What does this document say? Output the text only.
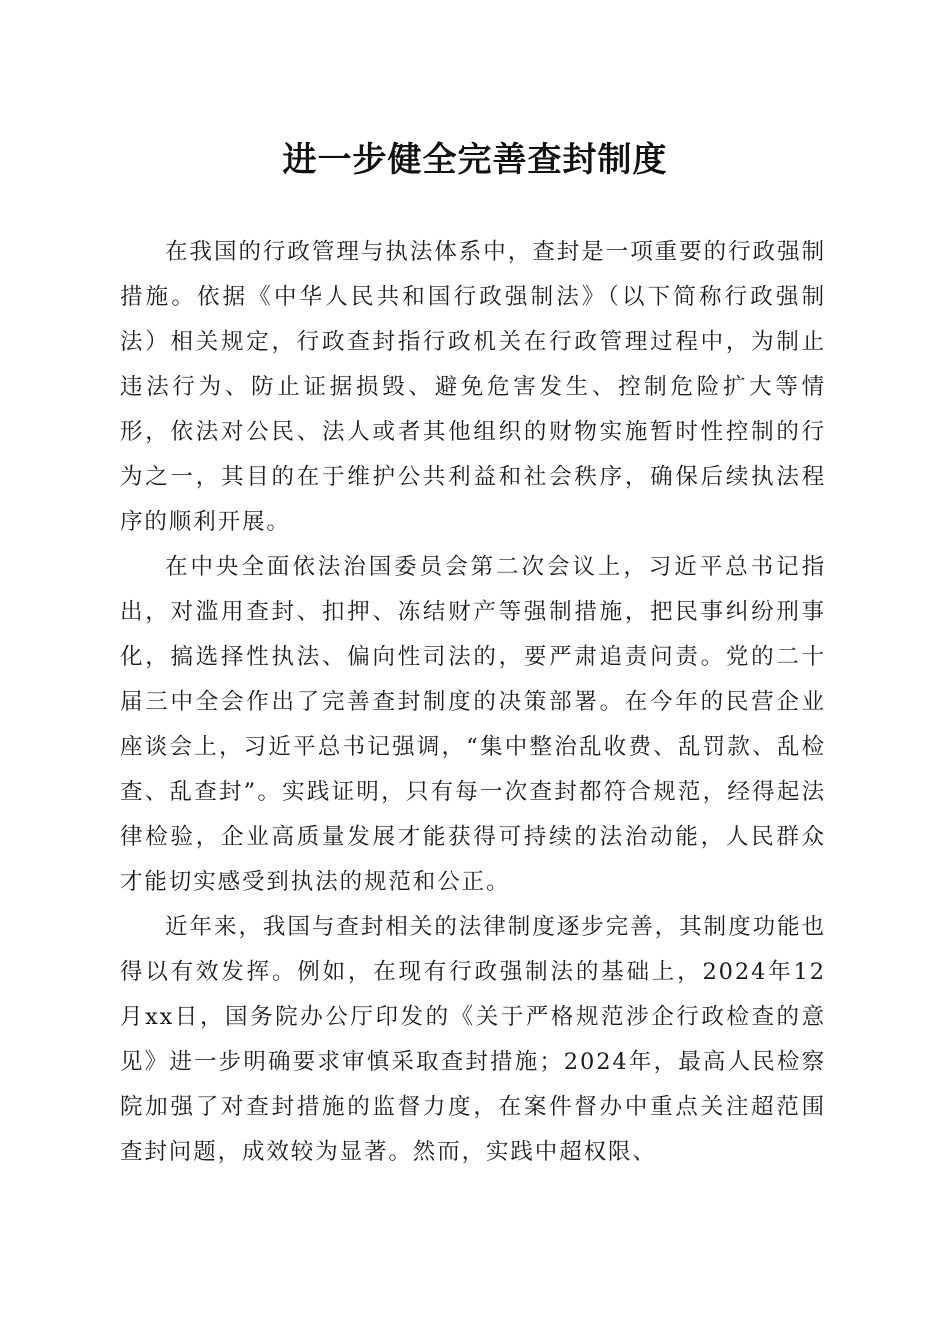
进一步健全完善查封制度

在我国的行政管理与执法体系中，查封是一项重要的行政强制措施。依据《中华人民共和国行政强制法》（以下简称行政强制法）相关规定，行政查封指行政机关在行政管理过程中，为制止违法行为、防止证据损毁、避免危害发生、控制危险扩大等情形，依法对公民、法人或者其他组织的财物实施暂时性控制的行为之一，其目的在于维护公共利益和社会秩序，确保后续执法程序的顺利开展。

在中央全面依法治国委员会第二次会议上，习近平总书记指出，对滥用查封、扣押、冻结财产等强制措施，把民事纠纷刑事化，搞选择性执法、偏向性司法的，要严肃追责问责。党的二十届三中全会作出了完善查封制度的决策部署。在今年的民营企业座谈会上，习近平总书记强调，“集中整治乱收费、乱罚款、乱检查、乱查封”。实践证明，只有每一次查封都符合规范，经得起法律检验，企业高质量发展才能获得可持续的法治动能，人民群众才能切实感受到执法的规范和公正。

近年来，我国与查封相关的法律制度逐步完善，其制度功能也得以有效发挥。例如，在现有行政强制法的基础上，2024年12月xx日，国务院办公厅印发的《关于严格规范涉企行政检查的意见》进一步明确要求审慎采取查封措施；2024年，最高人民检察院加强了对查封措施的监督力度，在案件督办中重点关注超范围查封问题，成效较为显著。然而，实践中超权限、
